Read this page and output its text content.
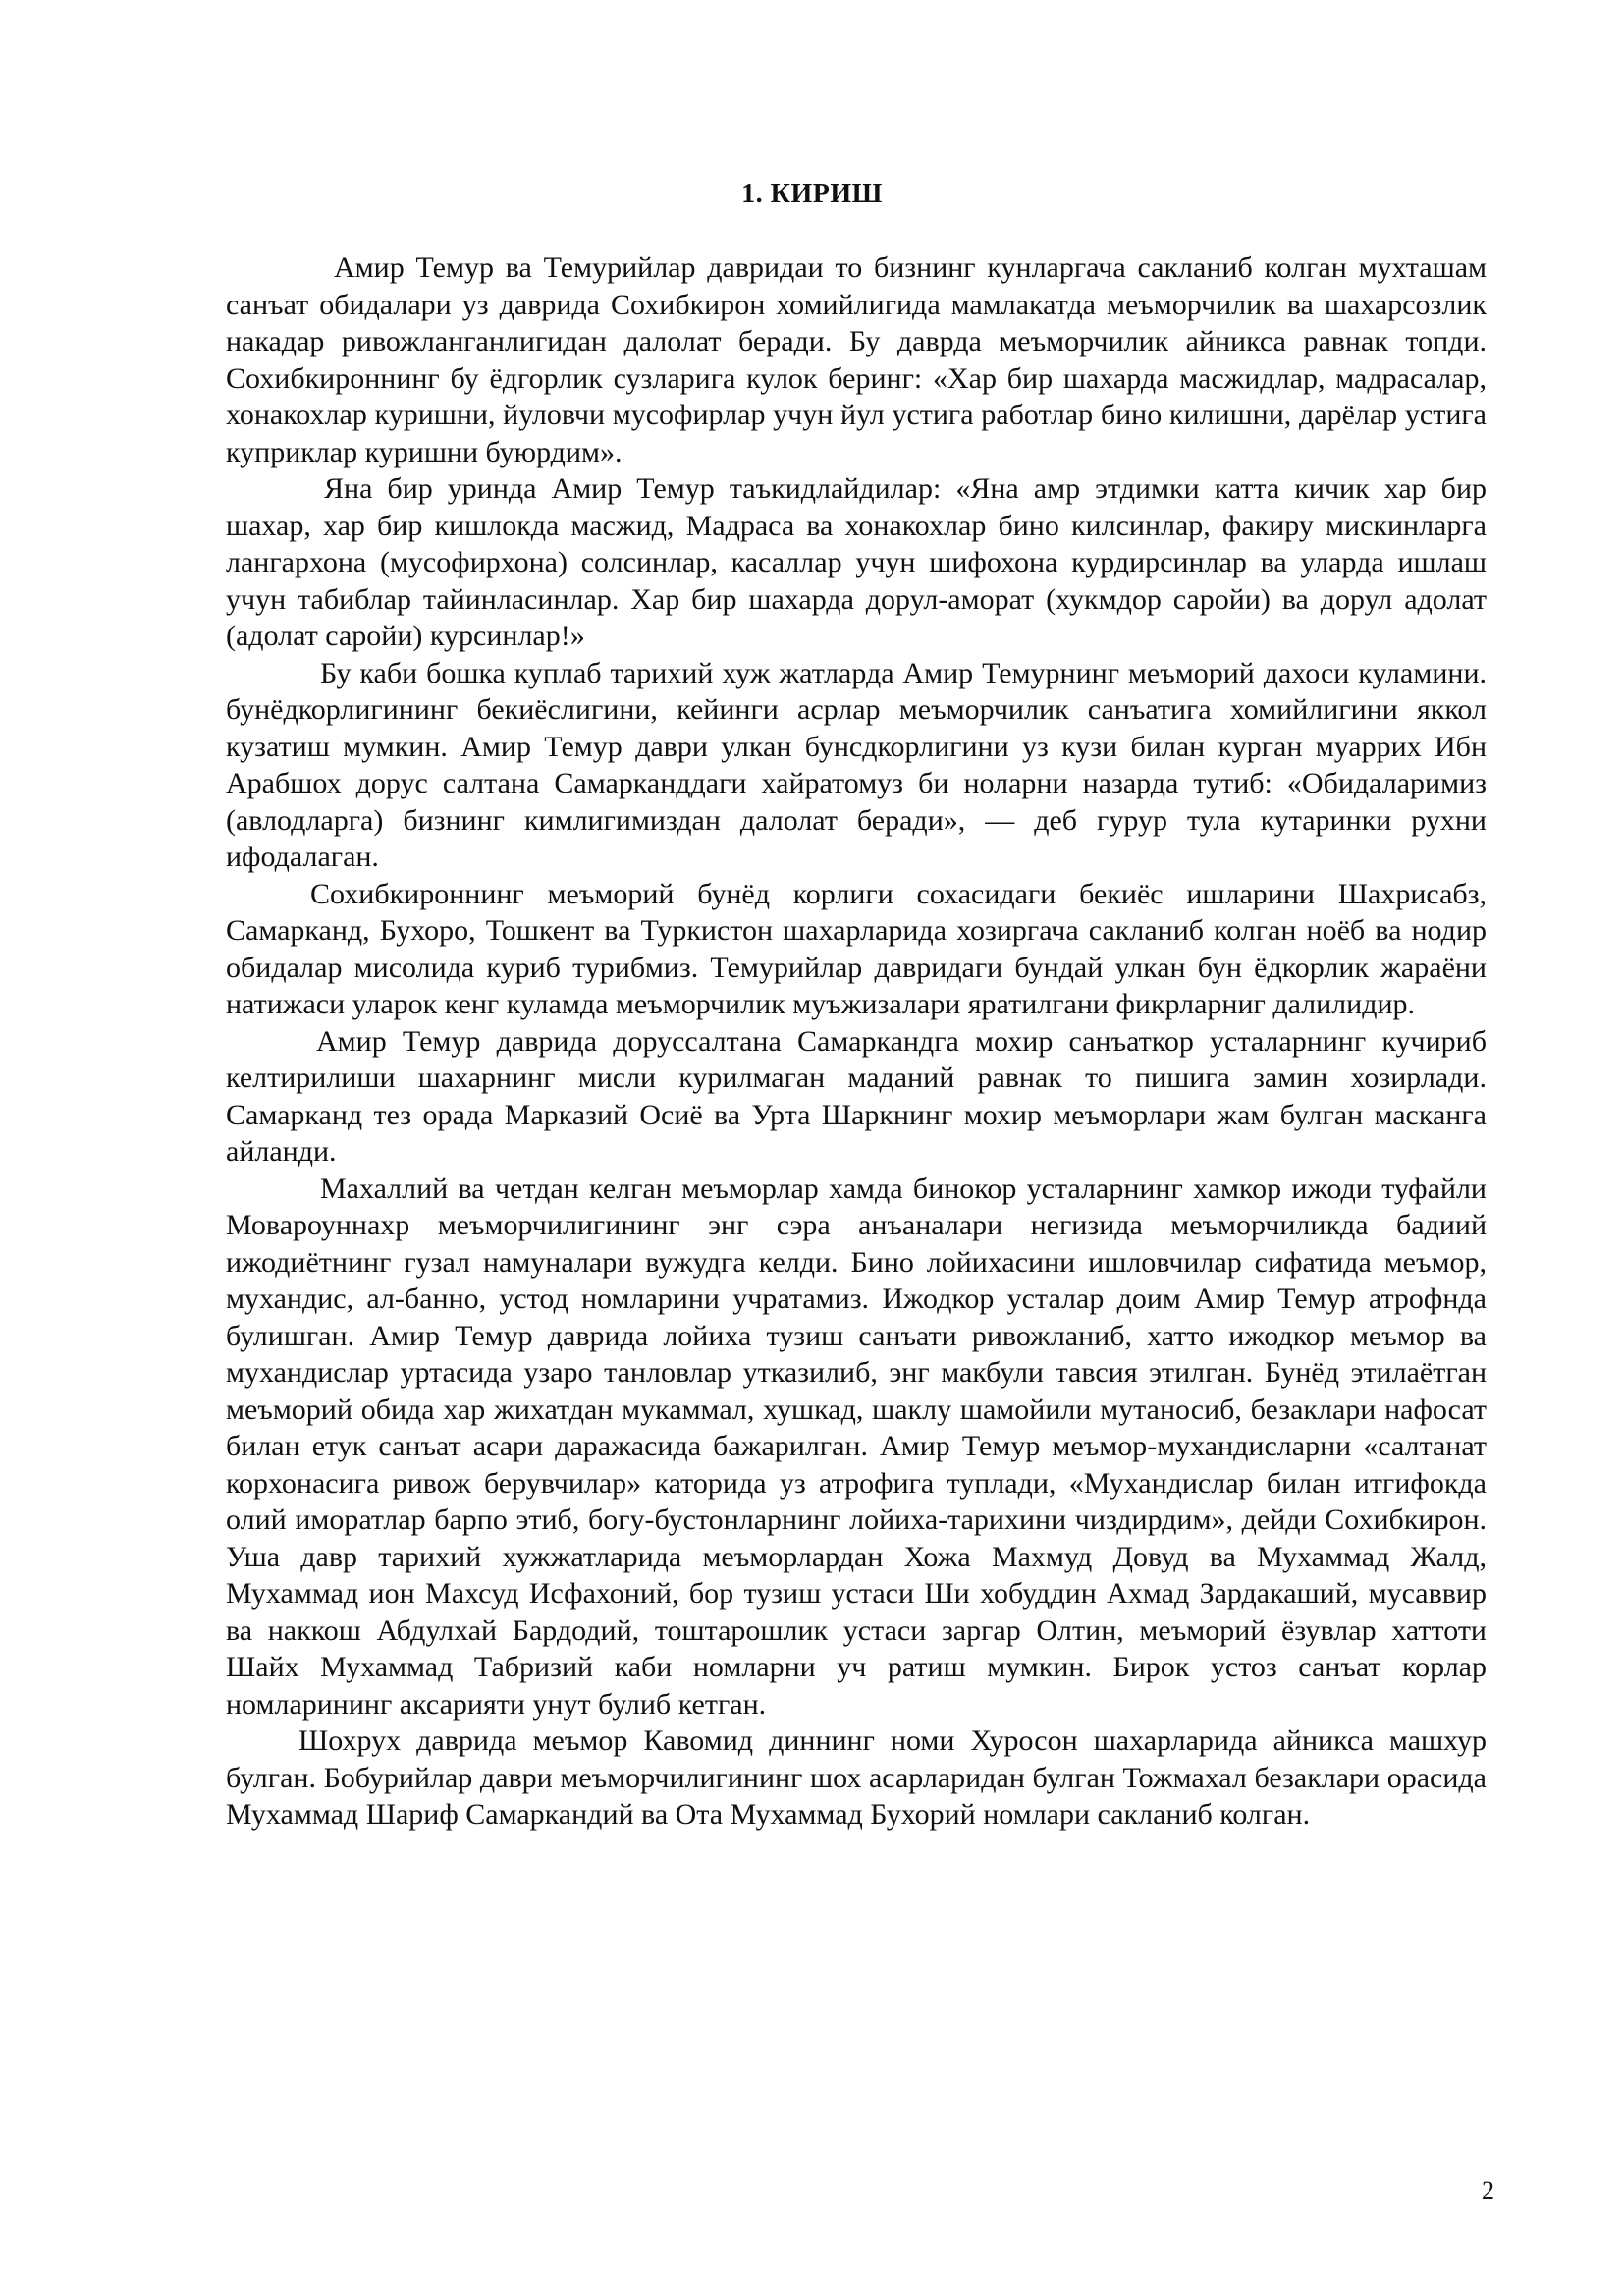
1. КИРИШ

Амир Темур ва Темурийлар давридаи то бизнинг кунларгача сакланиб колган мухташам санъат обидалари уз даврида Сохибкирон хомийлигида мамлакатда меъморчилик ва шахарсозлик накадар ривожланганлигидан далолат беради. Бу даврда меъморчилик айникса равнак топди. Сохибкироннинг бу ёдгорлик сузларига кулок беринг: «Хар бир шахарда масжидлар, мадрасалар, хонакохлар куришни, йуловчи мусофирлар учун йул устига работлар бино килишни, дарёлар устига куприклар куришни буюрдим».

Яна бир уринда Амир Темур таъкидлайдилар: «Яна амр этдимки катта кичик хар бир шахар, хар бир кишлокда масжид, Мадраса ва хонакохлар бино килсинлар, факиру мискинларга лангархона (мусофирхона) солсинлар, касаллар учун шифохона курдирсинлар ва уларда ишлаш учун табиблар тайинласинлар. Хар бир шахарда дорул-аморат (хукмдор саройи) ва дорул адолат (адолат саройи) курсинлар!»

Бу каби бошка куплаб тарихий хуж жатларда Амир Темурнинг меъморий дахоси куламини. бунёдкорлигининг бекиёслигини, кейинги асрлар меъморчилик санъатига хомийлигини яккол кузатиш мумкин. Амир Темур даври улкан бунсдкорлигини уз кузи билан курган муаррих Ибн Арабшох дорус салтана Самарканддаги хайратомуз би ноларни назарда тутиб: «Обидаларимиз (авлодларга) бизнинг кимлигимиздан далолат беради», — деб гурур тула кутаринки рухни ифодалаган.

Сохибкироннинг меъморий бунёд корлиги сохасидаги бекиёс ишларини Шахрисабз, Самарканд, Бухоро, Тошкент ва Туркистон шахарларида хозиргача сакланиб колган ноёб ва нодир обидалар мисолида куриб турибмиз. Темурийлар давридаги бундай улкан бун ёдкорлик жараёни натижаси уларок кенг куламда меъморчилик муъжизалари яратилгани фикрларниг далилидир.

Амир Темур даврида доруссалтана Самаркандга мохир санъаткор усталарнинг кучириб келтирилиши шахарнинг мисли курилмаган маданий равнак то пишига замин хозирлади. Самарканд тез орада Марказий Осиё ва Урта Шаркнинг мохир меъморлари жам булган масканга айланди.

Махаллий ва четдан келган меъморлар хамда бинокор усталарнинг хамкор ижоди туфайли Мовароуннахр меъморчилигининг энг сэра анъаналари негизида меъморчиликда бадиий ижодиётнинг гузал намуналари вужудга келди. Бино лойихасини ишловчилар сифатида меъмор, мухандис, ал-банно, устод номларини учратамиз. Ижодкор усталар доим Амир Темур атрофнда булишган. Амир Темур даврида лойиха тузиш санъати ривожланиб, хатто ижодкор меъмор ва мухандислар уртасида узаро танловлар утказилиб, энг макбули тавсия этилган. Бунёд этилаётган меъморий обида хар жихатдан мукаммал, хушкад, шаклу шамойили мутаносиб, безаклари нафосат билан етук санъат асари даражасида бажарилган. Амир Темур меъмор-мухандисларни «салтанат корхонасига ривож берувчилар» каторида уз атрофига туплади, «Мухандислар билан итгифокда олий иморатлар барпо этиб, богу-бустонларнинг лойиха-тарихини чиздирдим», дейди Сохибкирон. Уша давр тарихий хужжатларида меъморлардан Хожа Махмуд Довуд ва Мухаммад Жалд, Мухаммад ион Махсуд Исфахоний, бор тузиш устаси Ши хобуддин Ахмад Зардакаший, мусаввир ва наккош Абдулхай Бардодий, тоштарошлик устаси заргар Олтин, меъморий ёзувлар хаттоти Шайх Мухаммад Табризий каби номларни уч ратиш мумкин. Бирок устоз санъат корлар номларининг аксарияти унут булиб кетган.

Шохрух даврида меъмор Кавомид диннинг номи Хуросон шахарларида айникса машхур булган. Бобурийлар даври меъморчилигининг шох асарларидан булган Тожмахал безаклари орасида Мухаммад Шариф Самаркандий ва Ота Мухаммад Бухорий номлари сакланиб колган.

2
